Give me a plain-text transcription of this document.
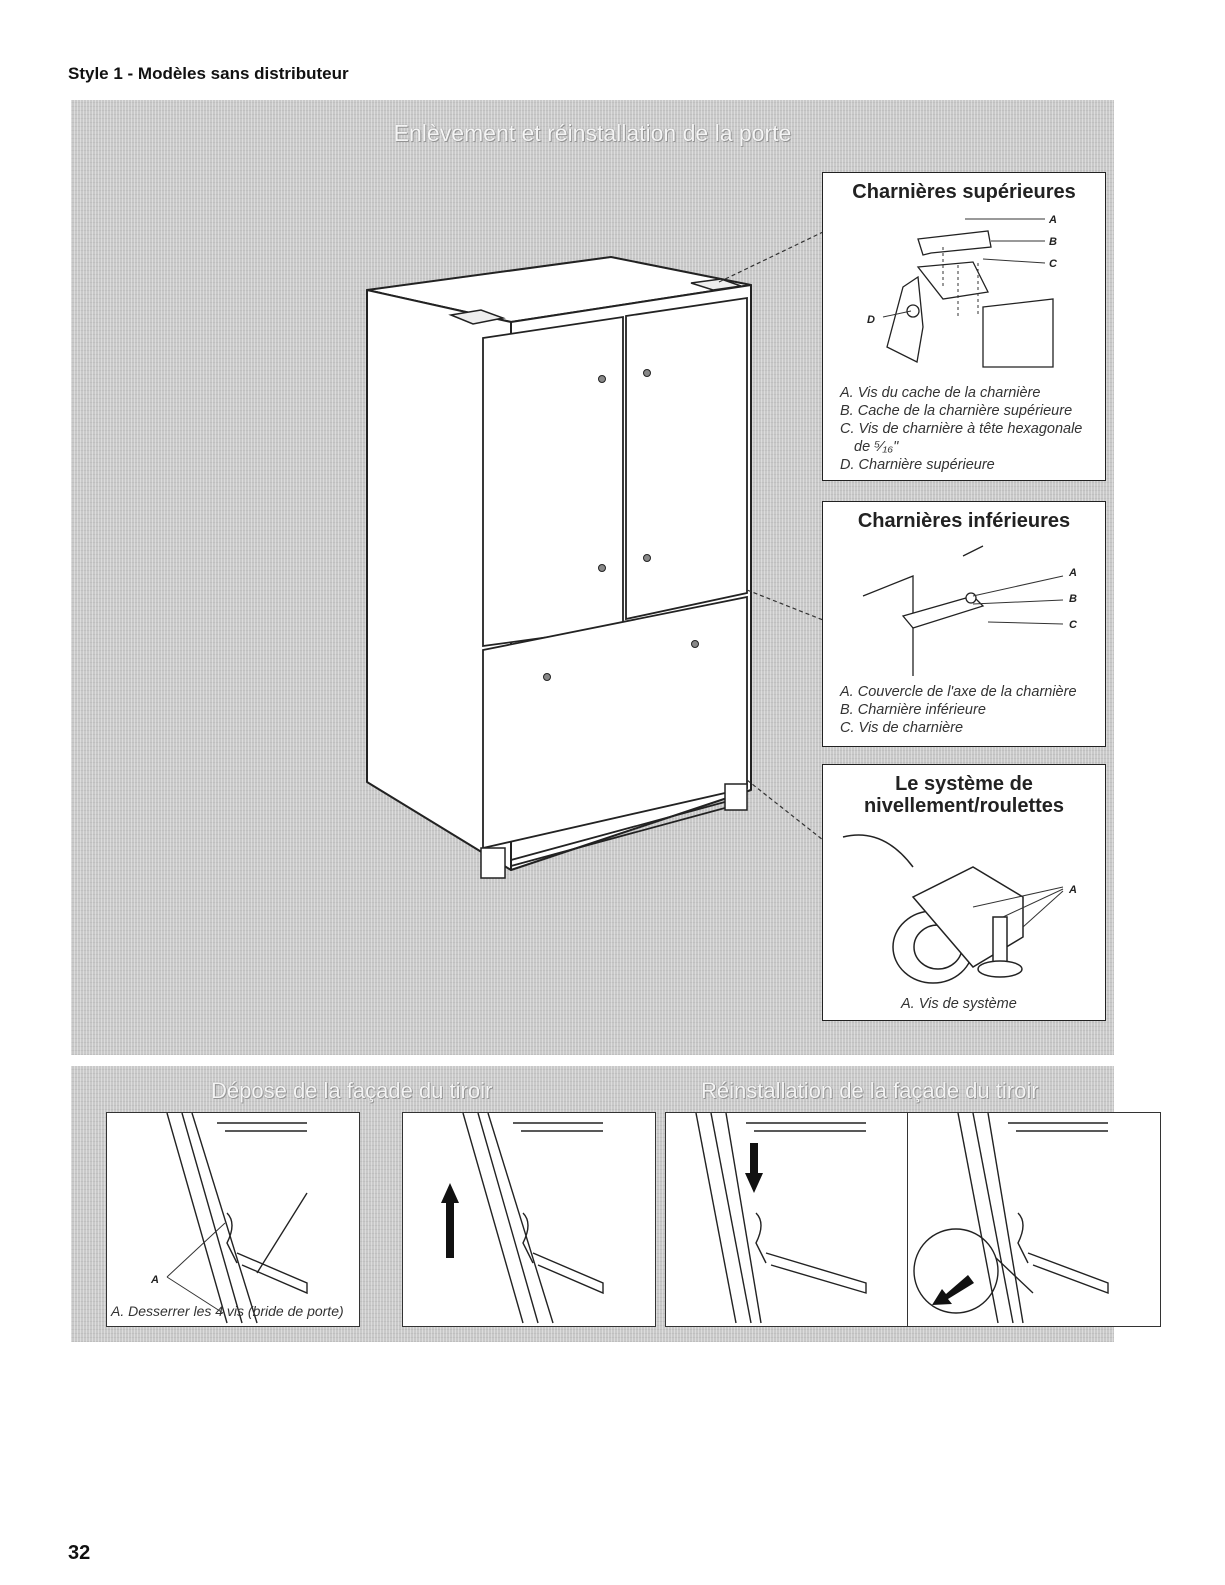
Style 1 - Modèles sans distributeur
Enlèvement et réinstallation de la porte
Charnières supérieures
A
B
C
D
A. Vis du cache de la charnière
B. Cache de la charnière supérieure
C. Vis de charnière à tête hexagonale
de ⁵⁄₁₆"
D. Charnière supérieure
Charnières inférieures
A
B
C
A. Couvercle de l'axe de la charnière
B. Charnière inférieure
C. Vis de charnière
Le système de
nivellement/roulettes
A
A. Vis de système
Dépose de la façade du tiroir	Réinstallation de la façade du tiroir
A
A. Desserrer les 4 vis (bride de porte)
32
